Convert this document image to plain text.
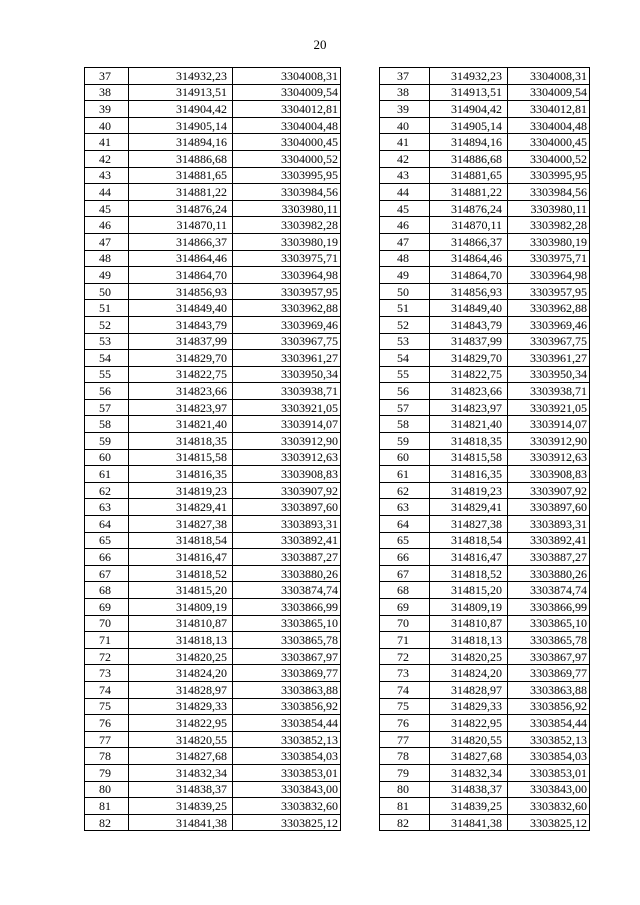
20
37	314932,23	3304008,31
38	314913,51	3304009,54
39	314904,42	3304012,81
40	314905,14	3304004,48
41	314894,16	3304000,45
42	314886,68	3304000,52
43	314881,65	3303995,95
44	314881,22	3303984,56
45	314876,24	3303980,11
46	314870,11	3303982,28
47	314866,37	3303980,19
48	314864,46	3303975,71
49	314864,70	3303964,98
50	314856,93	3303957,95
51	314849,40	3303962,88
52	314843,79	3303969,46
53	314837,99	3303967,75
54	314829,70	3303961,27
55	314822,75	3303950,34
56	314823,66	3303938,71
57	314823,97	3303921,05
58	314821,40	3303914,07
59	314818,35	3303912,90
60	314815,58	3303912,63
61	314816,35	3303908,83
62	314819,23	3303907,92
63	314829,41	3303897,60
64	314827,38	3303893,31
65	314818,54	3303892,41
66	314816,47	3303887,27
67	314818,52	3303880,26
68	314815,20	3303874,74
69	314809,19	3303866,99
70	314810,87	3303865,10
71	314818,13	3303865,78
72	314820,25	3303867,97
73	314824,20	3303869,77
74	314828,97	3303863,88
75	314829,33	3303856,92
76	314822,95	3303854,44
77	314820,55	3303852,13
78	314827,68	3303854,03
79	314832,34	3303853,01
80	314838,37	3303843,00
81	314839,25	3303832,60
82	314841,38	3303825,12
37	314932,23	3304008,31
38	314913,51	3304009,54
39	314904,42	3304012,81
40	314905,14	3304004,48
41	314894,16	3304000,45
42	314886,68	3304000,52
43	314881,65	3303995,95
44	314881,22	3303984,56
45	314876,24	3303980,11
46	314870,11	3303982,28
47	314866,37	3303980,19
48	314864,46	3303975,71
49	314864,70	3303964,98
50	314856,93	3303957,95
51	314849,40	3303962,88
52	314843,79	3303969,46
53	314837,99	3303967,75
54	314829,70	3303961,27
55	314822,75	3303950,34
56	314823,66	3303938,71
57	314823,97	3303921,05
58	314821,40	3303914,07
59	314818,35	3303912,90
60	314815,58	3303912,63
61	314816,35	3303908,83
62	314819,23	3303907,92
63	314829,41	3303897,60
64	314827,38	3303893,31
65	314818,54	3303892,41
66	314816,47	3303887,27
67	314818,52	3303880,26
68	314815,20	3303874,74
69	314809,19	3303866,99
70	314810,87	3303865,10
71	314818,13	3303865,78
72	314820,25	3303867,97
73	314824,20	3303869,77
74	314828,97	3303863,88
75	314829,33	3303856,92
76	314822,95	3303854,44
77	314820,55	3303852,13
78	314827,68	3303854,03
79	314832,34	3303853,01
80	314838,37	3303843,00
81	314839,25	3303832,60
82	314841,38	3303825,12
